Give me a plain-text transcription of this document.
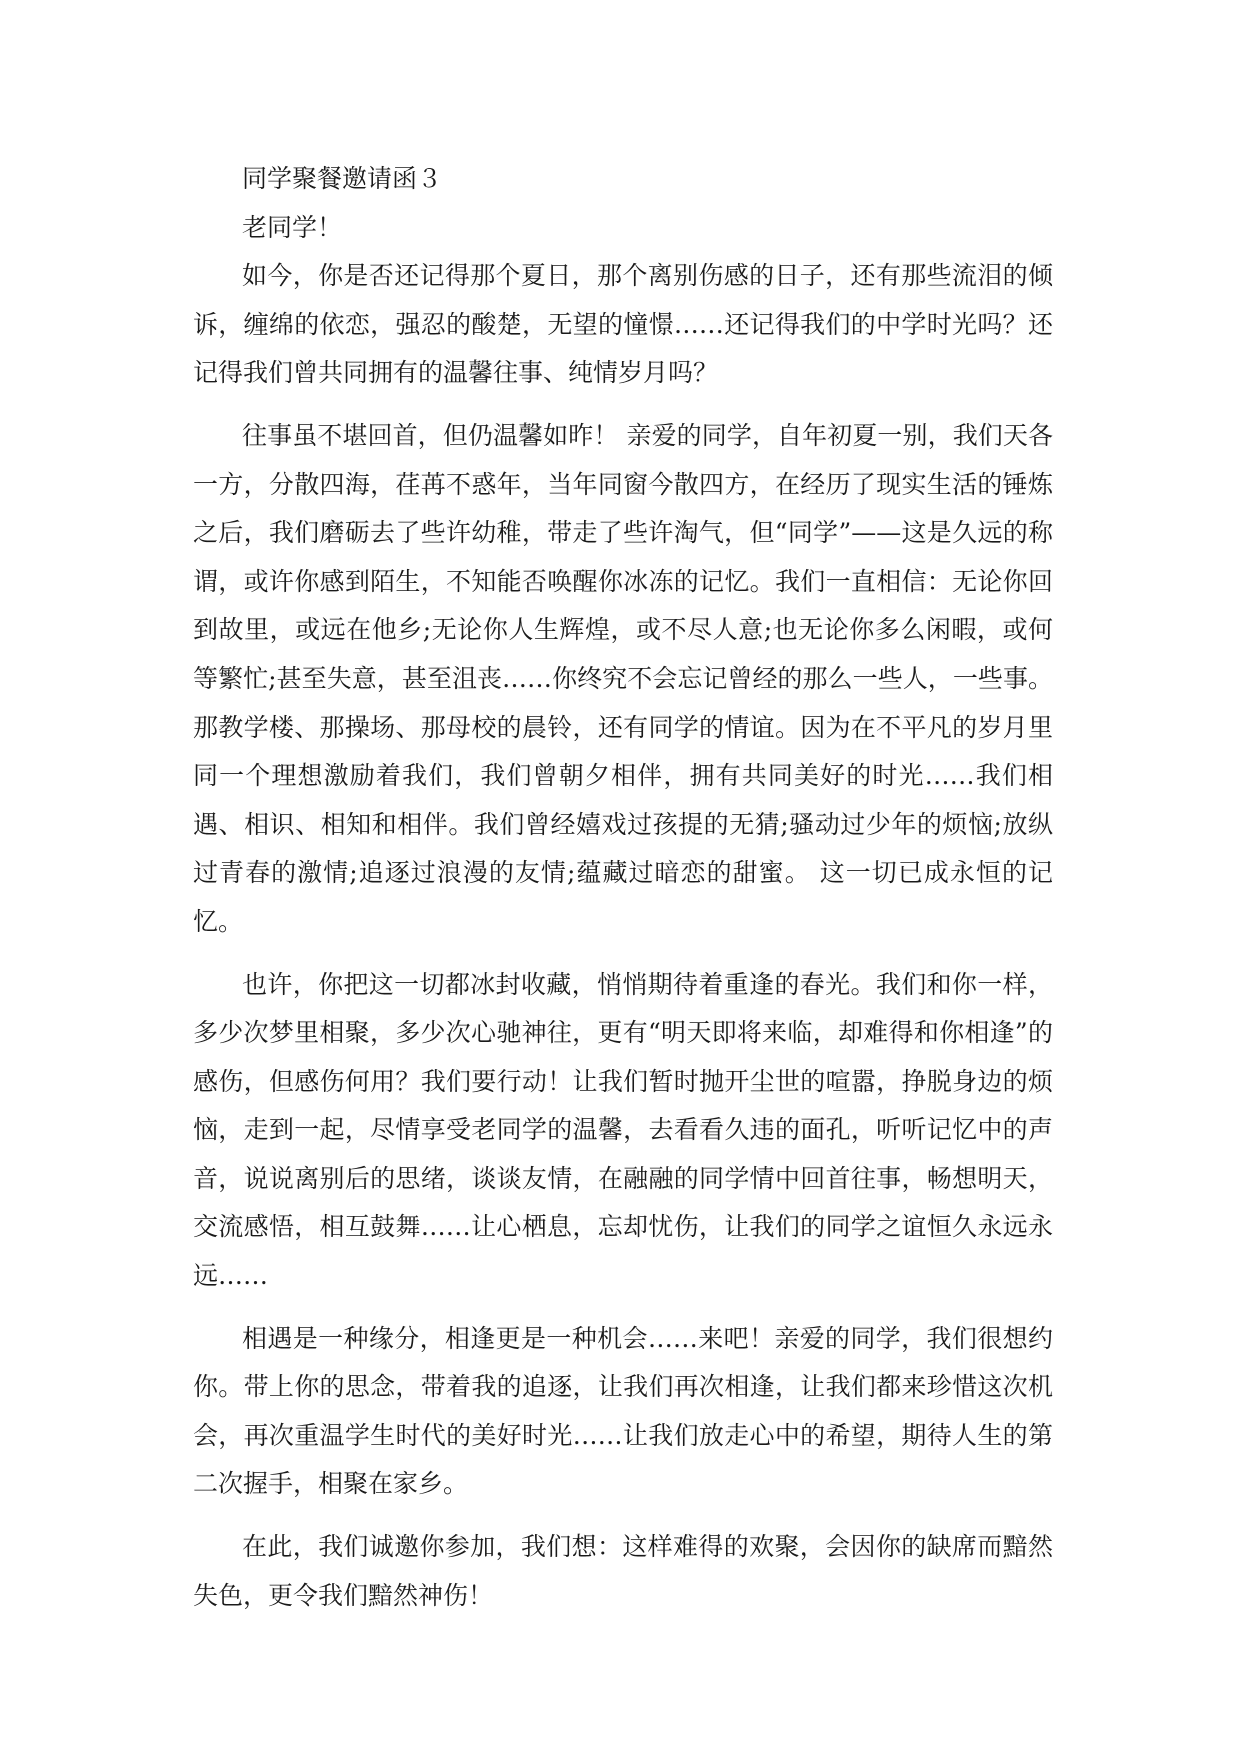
同学聚餐邀请函３

老同学！

如今，你是否还记得那个夏日，那个离别伤感的日子，还有那些流泪的倾诉，缠绵的依恋，强忍的酸楚，无望的憧憬……还记得我们的中学时光吗？还记得我们曾共同拥有的温馨往事、纯情岁月吗？

往事虽不堪回首，但仍温馨如昨！ 亲爱的同学，自年初夏一别，我们天各一方，分散四海，荏苒不惑年，当年同窗今散四方，在经历了现实生活的锤炼之后，我们磨砺去了些许幼稚，带走了些许淘气，但“同学”——这是久远的称谓，或许你感到陌生，不知能否唤醒你冰冻的记忆。我们一直相信：无论你回到故里，或远在他乡;无论你人生辉煌，或不尽人意;也无论你多么闲暇，或何等繁忙;甚至失意，甚至沮丧……你终究不会忘记曾经的那么一些人，一些事。那教学楼、那操场、那母校的晨铃，还有同学的情谊。因为在不平凡的岁月里同一个理想激励着我们，我们曾朝夕相伴，拥有共同美好的时光……我们相遇、相识、相知和相伴。我们曾经嬉戏过孩提的无猜;骚动过少年的烦恼;放纵过青春的激情;追逐过浪漫的友情;蕴藏过暗恋的甜蜜。 这一切已成永恒的记忆。

也许，你把这一切都冰封收藏，悄悄期待着重逢的春光。我们和你一样，多少次梦里相聚，多少次心驰神往，更有“明天即将来临，却难得和你相逢”的感伤，但感伤何用？我们要行动！让我们暂时抛开尘世的喧嚣，挣脱身边的烦恼，走到一起，尽情享受老同学的温馨，去看看久违的面孔，听听记忆中的声音，说说离别后的思绪，谈谈友情，在融融的同学情中回首往事，畅想明天，交流感悟，相互鼓舞……让心栖息，忘却忧伤，让我们的同学之谊恒久永远永远……

相遇是一种缘分，相逢更是一种机会……来吧！亲爱的同学，我们很想约你。带上你的思念，带着我的追逐，让我们再次相逢，让我们都来珍惜这次机会，再次重温学生时代的美好时光……让我们放走心中的希望，期待人生的第二次握手，相聚在家乡。

在此，我们诚邀你参加，我们想：这样难得的欢聚，会因你的缺席而黯然失色，更令我们黯然神伤！
